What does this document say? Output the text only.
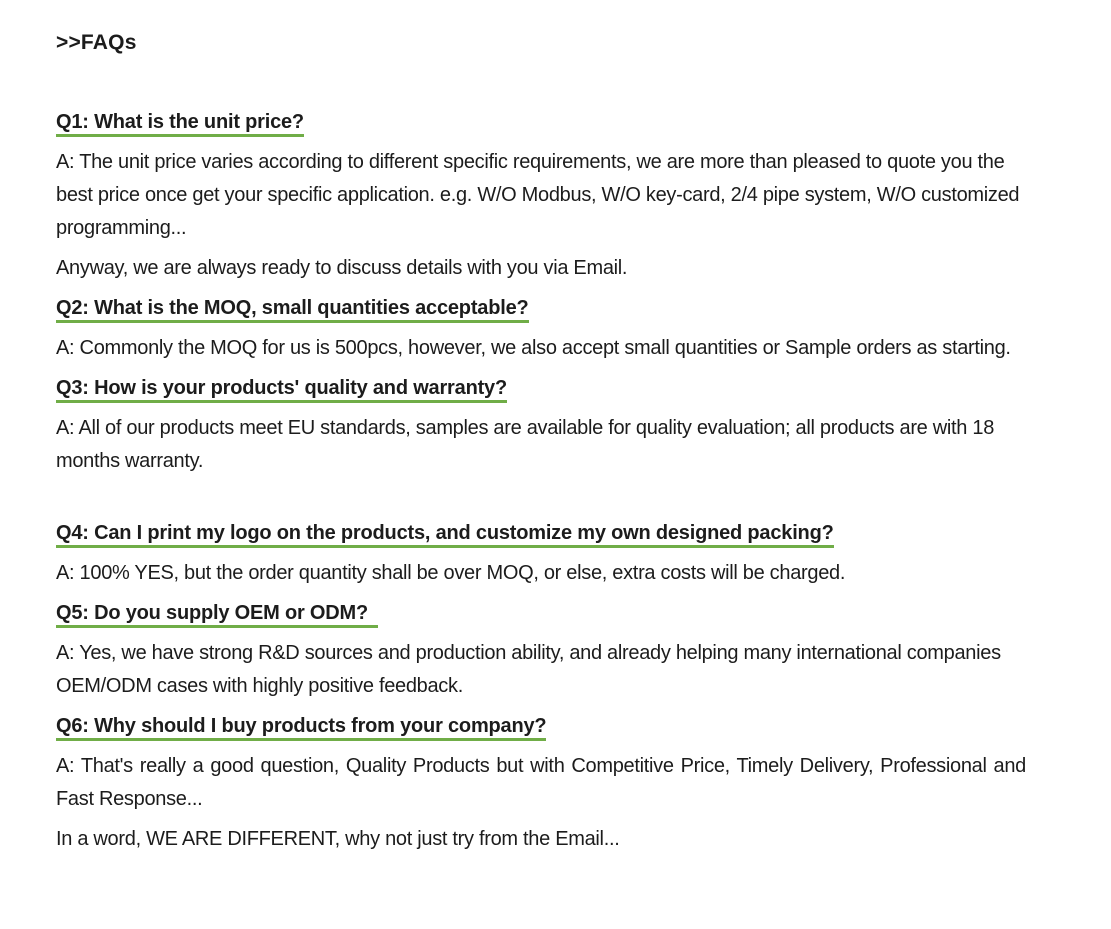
>>FAQs
Q1: What is the unit price?

A: The unit price varies according to different specific requirements, we are more than pleased to quote you the best price once get your specific application. e.g. W/O Modbus, W/O key-card, 2/4 pipe system, W/O customized programming...

Anyway, we are always ready to discuss details with you via Email.

Q2: What is the MOQ, small quantities acceptable?

A: Commonly the MOQ for us is 500pcs, however, we also accept small quantities or Sample orders as starting.

Q3: How is your products' quality and warranty?

A: All of our products meet EU standards, samples are available for quality evaluation; all products are with 18 months warranty.

Q4: Can I print my logo on the products, and customize my own designed packing?

A: 100% YES, but the order quantity shall be over MOQ, or else, extra costs will be charged.

Q5: Do you supply OEM or ODM?

A: Yes, we have strong R&D sources and production ability, and already helping many international companies OEM/ODM cases with highly positive feedback.

Q6: Why should I buy products from your company?

A: That's really a good question, Quality Products but with Competitive Price, Timely Delivery, Professional and Fast Response...

In a word, WE ARE DIFFERENT, why not just try from the Email...
